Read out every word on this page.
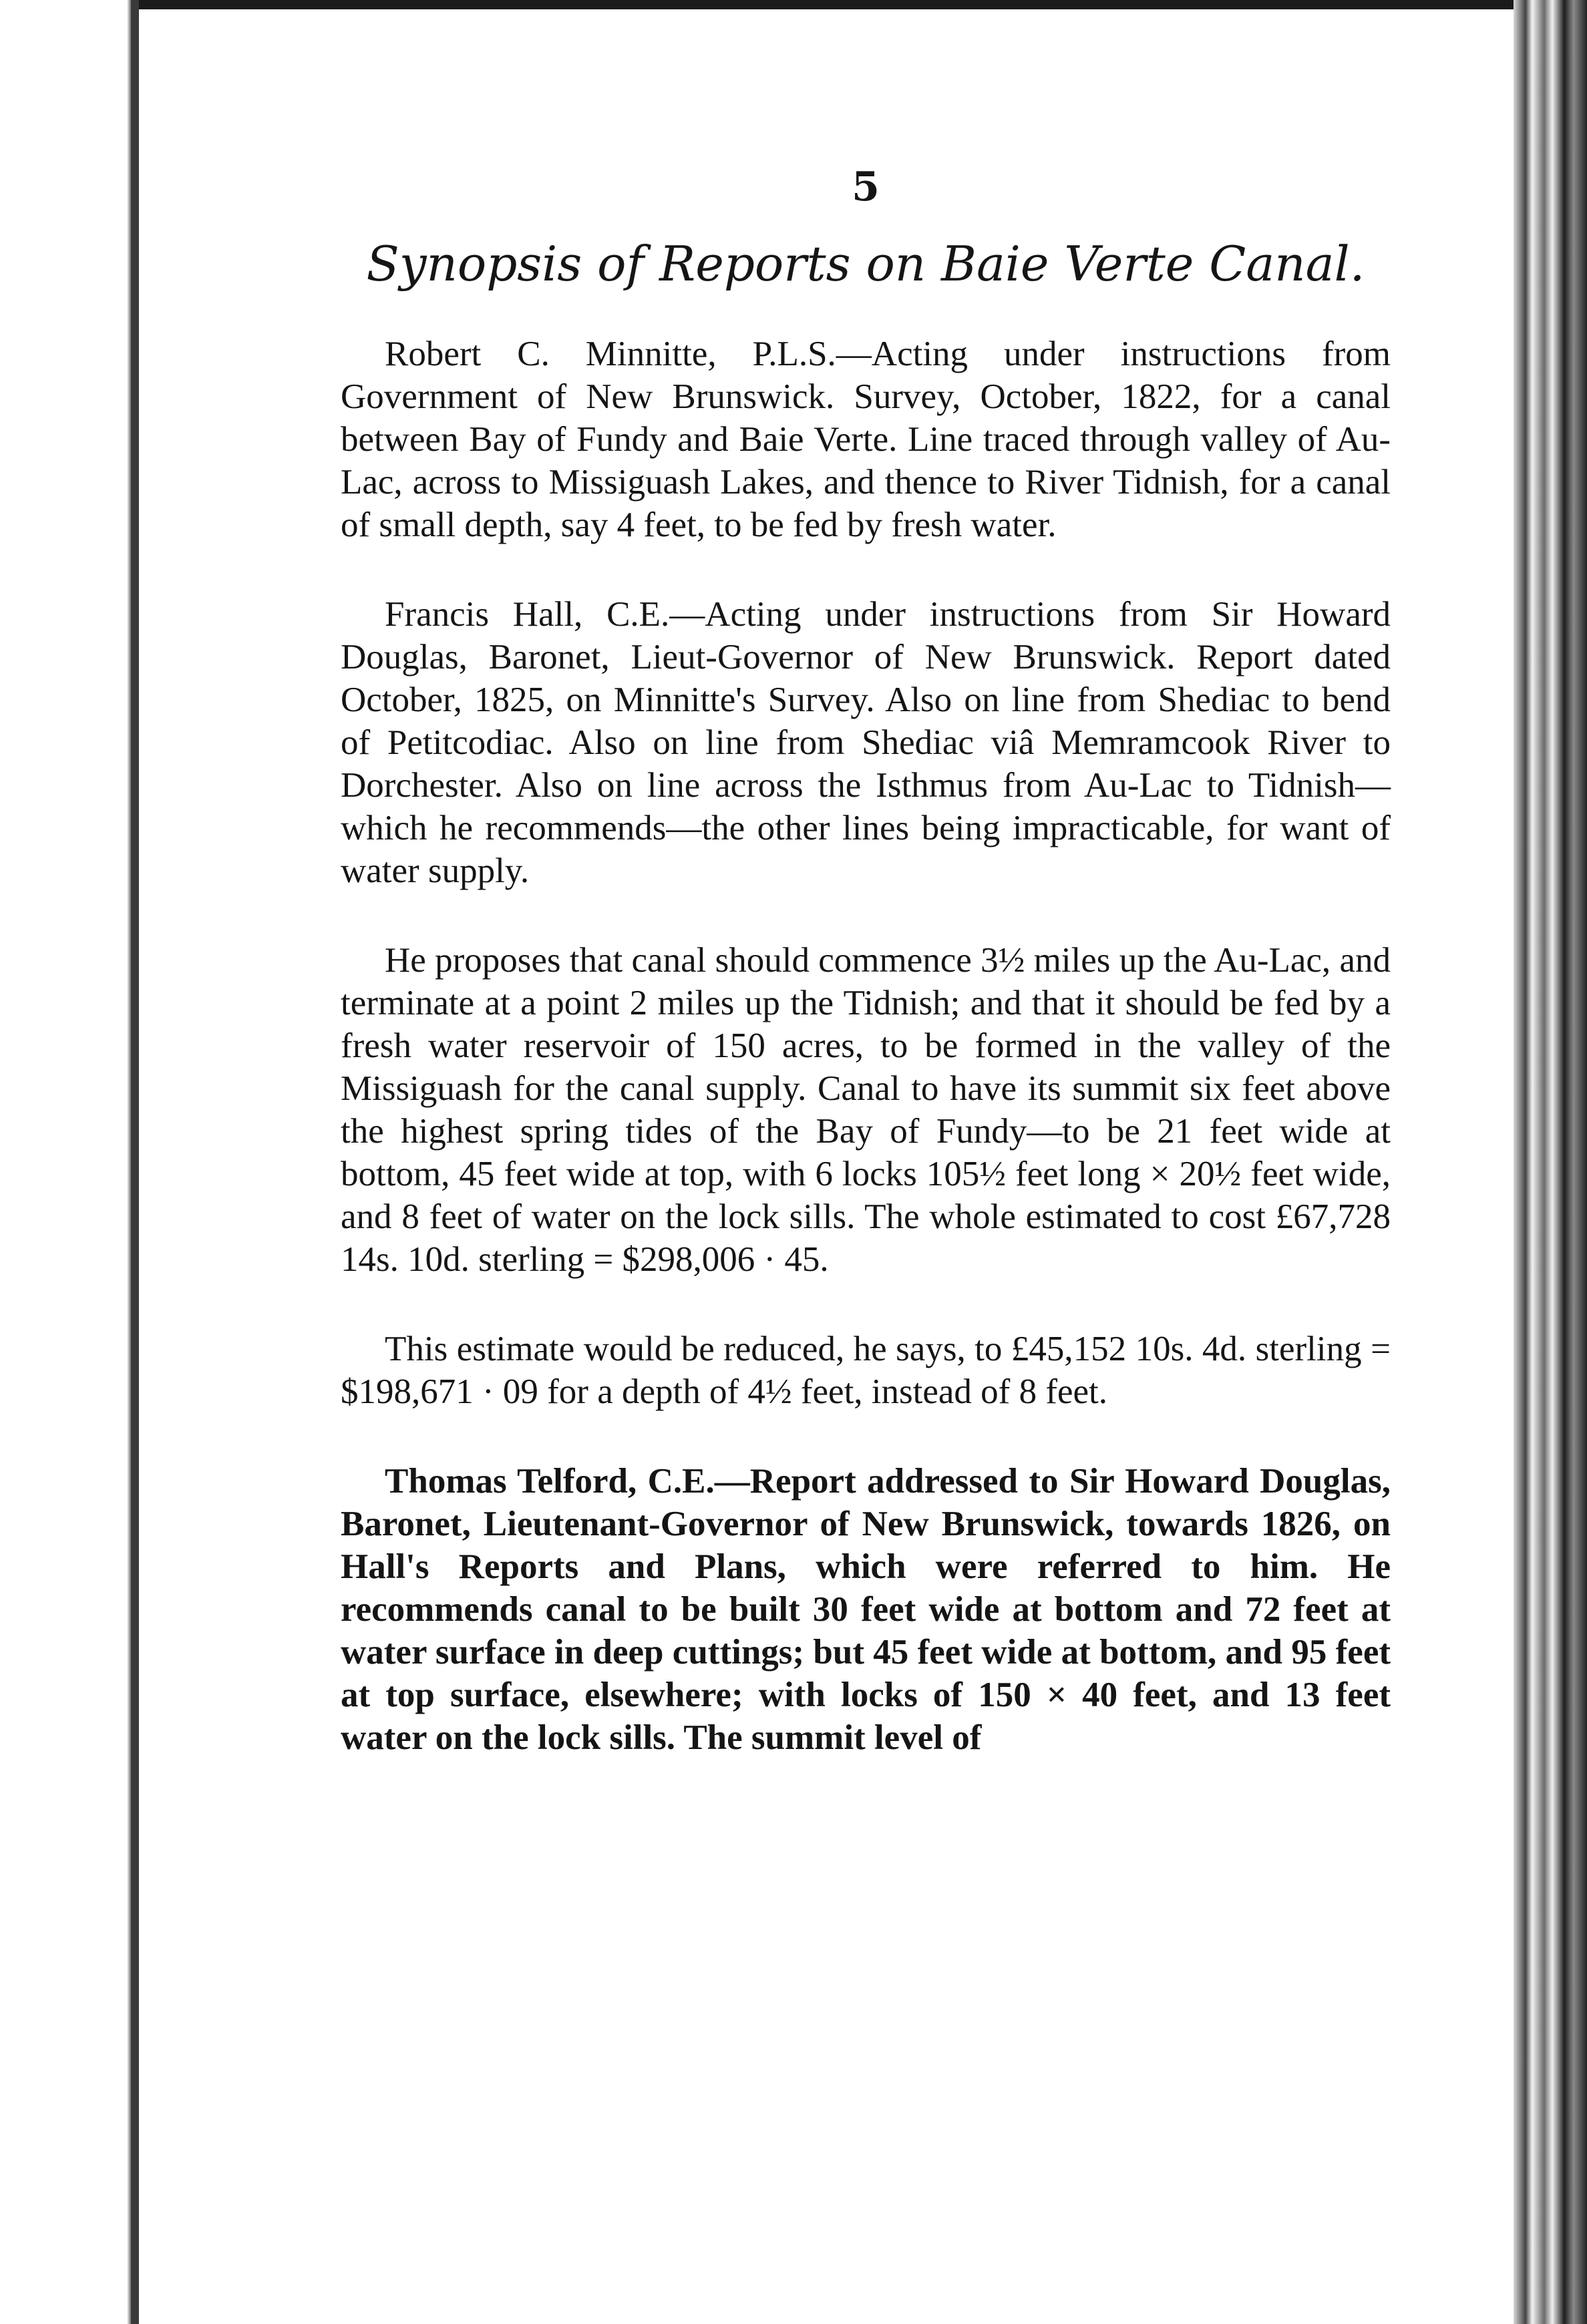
5
Synopsis of Reports on Baie Verte Canal.

Robert C. Minnitte, P.L.S.—Acting under instructions from Government of New Brunswick. Survey, October, 1822, for a canal between Bay of Fundy and Baie Verte. Line traced through valley of Au-Lac, across to Missiguash Lakes, and thence to River Tidnish, for a canal of small depth, say 4 feet, to be fed by fresh water.

Francis Hall, C.E.—Acting under instructions from Sir Howard Douglas, Baronet, Lieut-Governor of New Brunswick. Report dated October, 1825, on Minnitte's Survey. Also on line from Shediac to bend of Petitcodiac. Also on line from Shediac viâ Memramcook River to Dorchester. Also on line across the Isthmus from Au-Lac to Tidnish—which he recommends—the other lines being impracticable, for want of water supply.

He proposes that canal should commence 3½ miles up the Au-Lac, and terminate at a point 2 miles up the Tidnish; and that it should be fed by a fresh water reservoir of 150 acres, to be formed in the valley of the Missiguash for the canal supply. Canal to have its summit six feet above the highest spring tides of the Bay of Fundy—to be 21 feet wide at bottom, 45 feet wide at top, with 6 locks 105½ feet long × 20½ feet wide, and 8 feet of water on the lock sills. The whole estimated to cost £67,728 14s. 10d. sterling = $298,006 · 45.

This estimate would be reduced, he says, to £45,152 10s. 4d. sterling = $198,671 · 09 for a depth of 4½ feet, instead of 8 feet.

Thomas Telford, C.E.—Report addressed to Sir Howard Douglas, Baronet, Lieutenant-Governor of New Brunswick, towards 1826, on Hall's Reports and Plans, which were referred to him. He recommends canal to be built 30 feet wide at bottom and 72 feet at water surface in deep cuttings; but 45 feet wide at bottom, and 95 feet at top surface, elsewhere; with locks of 150 × 40 feet, and 13 feet water on the lock sills. The summit level of
